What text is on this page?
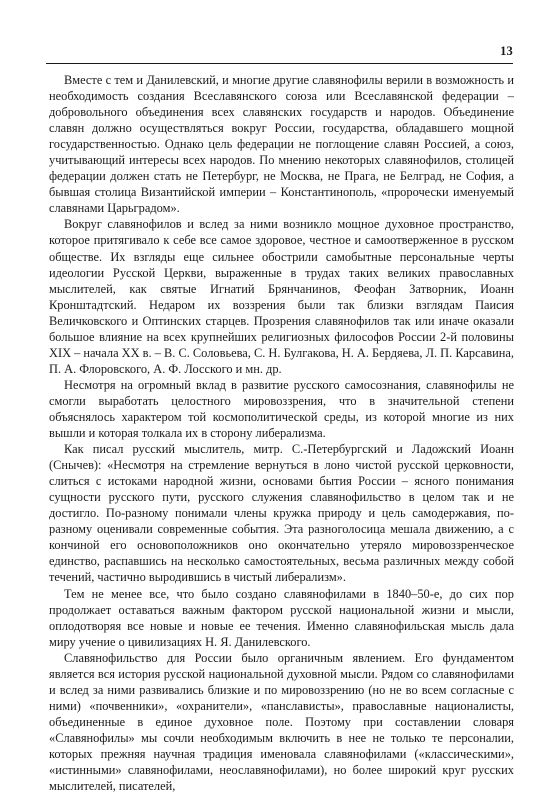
13

Вместе с тем и Данилевский, и многие другие славянофилы верили в возможность и необходимость создания Всеславянского союза или Всеславянской федерации – добровольного объединения всех славянских государств и народов. Объединение славян должно осуществляться вокруг России, государства, обладавшего мощной государственностью. Однако цель федерации не поглощение славян Россией, а союз, учитывающий интересы всех народов. По мнению некоторых славянофилов, столицей федерации должен стать не Петербург, не Москва, не Прага, не Белград, не София, а бывшая столица Византийской империи – Константинополь, «пророчески именуемый славянами Царьградом».

Вокруг славянофилов и вслед за ними возникло мощное духовное пространство, которое притягивало к себе все самое здоровое, честное и самоотверженное в русском обществе. Их взгляды еще сильнее обострили самобытные персональные черты идеологии Русской Церкви, выраженные в трудах таких великих православных мыслителей, как святые Игнатий Брянчанинов, Феофан Затворник, Иоанн Кронштадтский. Недаром их воззрения были так близки взглядам Паисия Величковского и Оптинских старцев. Прозрения славянофилов так или иначе оказали большое влияние на всех крупнейших религиозных философов России 2-й половины XIX – начала XX в. – В. С. Соловьева, С. Н. Булгакова, Н. А. Бердяева, Л. П. Карсавина, П. А. Флоровского, А. Ф. Лосского и мн. др.

Несмотря на огромный вклад в развитие русского самосознания, славянофилы не смогли выработать целостного мировоззрения, что в значительной степени объяснялось характером той космополитической среды, из которой многие из них вышли и которая толкала их в сторону либерализма.

Как писал русский мыслитель, митр. С.-Петербургский и Ладожский Иоанн (Снычев): «Несмотря на стремление вернуться в лоно чистой русской церковности, слиться с истоками народной жизни, основами бытия России – ясного понимания сущности русского пути, русского служения славянофильство в целом так и не достигло. По-разному понимали члены кружка природу и цель самодержавия, по-разному оценивали современные события. Эта разноголосица мешала движению, а с кончиной его основоположников оно окончательно утеряло мировоззренческое единство, распавшись на несколько самостоятельных, весьма различных между собой течений, частично выродившись в чистый либерализм».

Тем не менее все, что было создано славянофилами в 1840–50-е, до сих пор продолжает оставаться важным фактором русской национальной жизни и мысли, оплодотворяя все новые и новые ее течения. Именно славянофильская мысль дала миру учение о цивилизациях Н. Я. Данилевского.

Славянофильство для России было органичным явлением. Его фундаментом является вся история русской национальной духовной мысли. Рядом со славянофилами и вслед за ними развивались близкие и по мировоззрению (но не во всем согласные с ними) «почвенники», «охранители», «панслависты», православные националисты, объединенные в единое духовное поле. Поэтому при составлении словаря «Славянофилы» мы сочли необходимым включить в нее не только те персоналии, которых прежняя научная традиция именовала славянофилами («классическими», «истинными» славянофилами, неославянофилами), но более широкий круг русских мыслителей, писателей,
